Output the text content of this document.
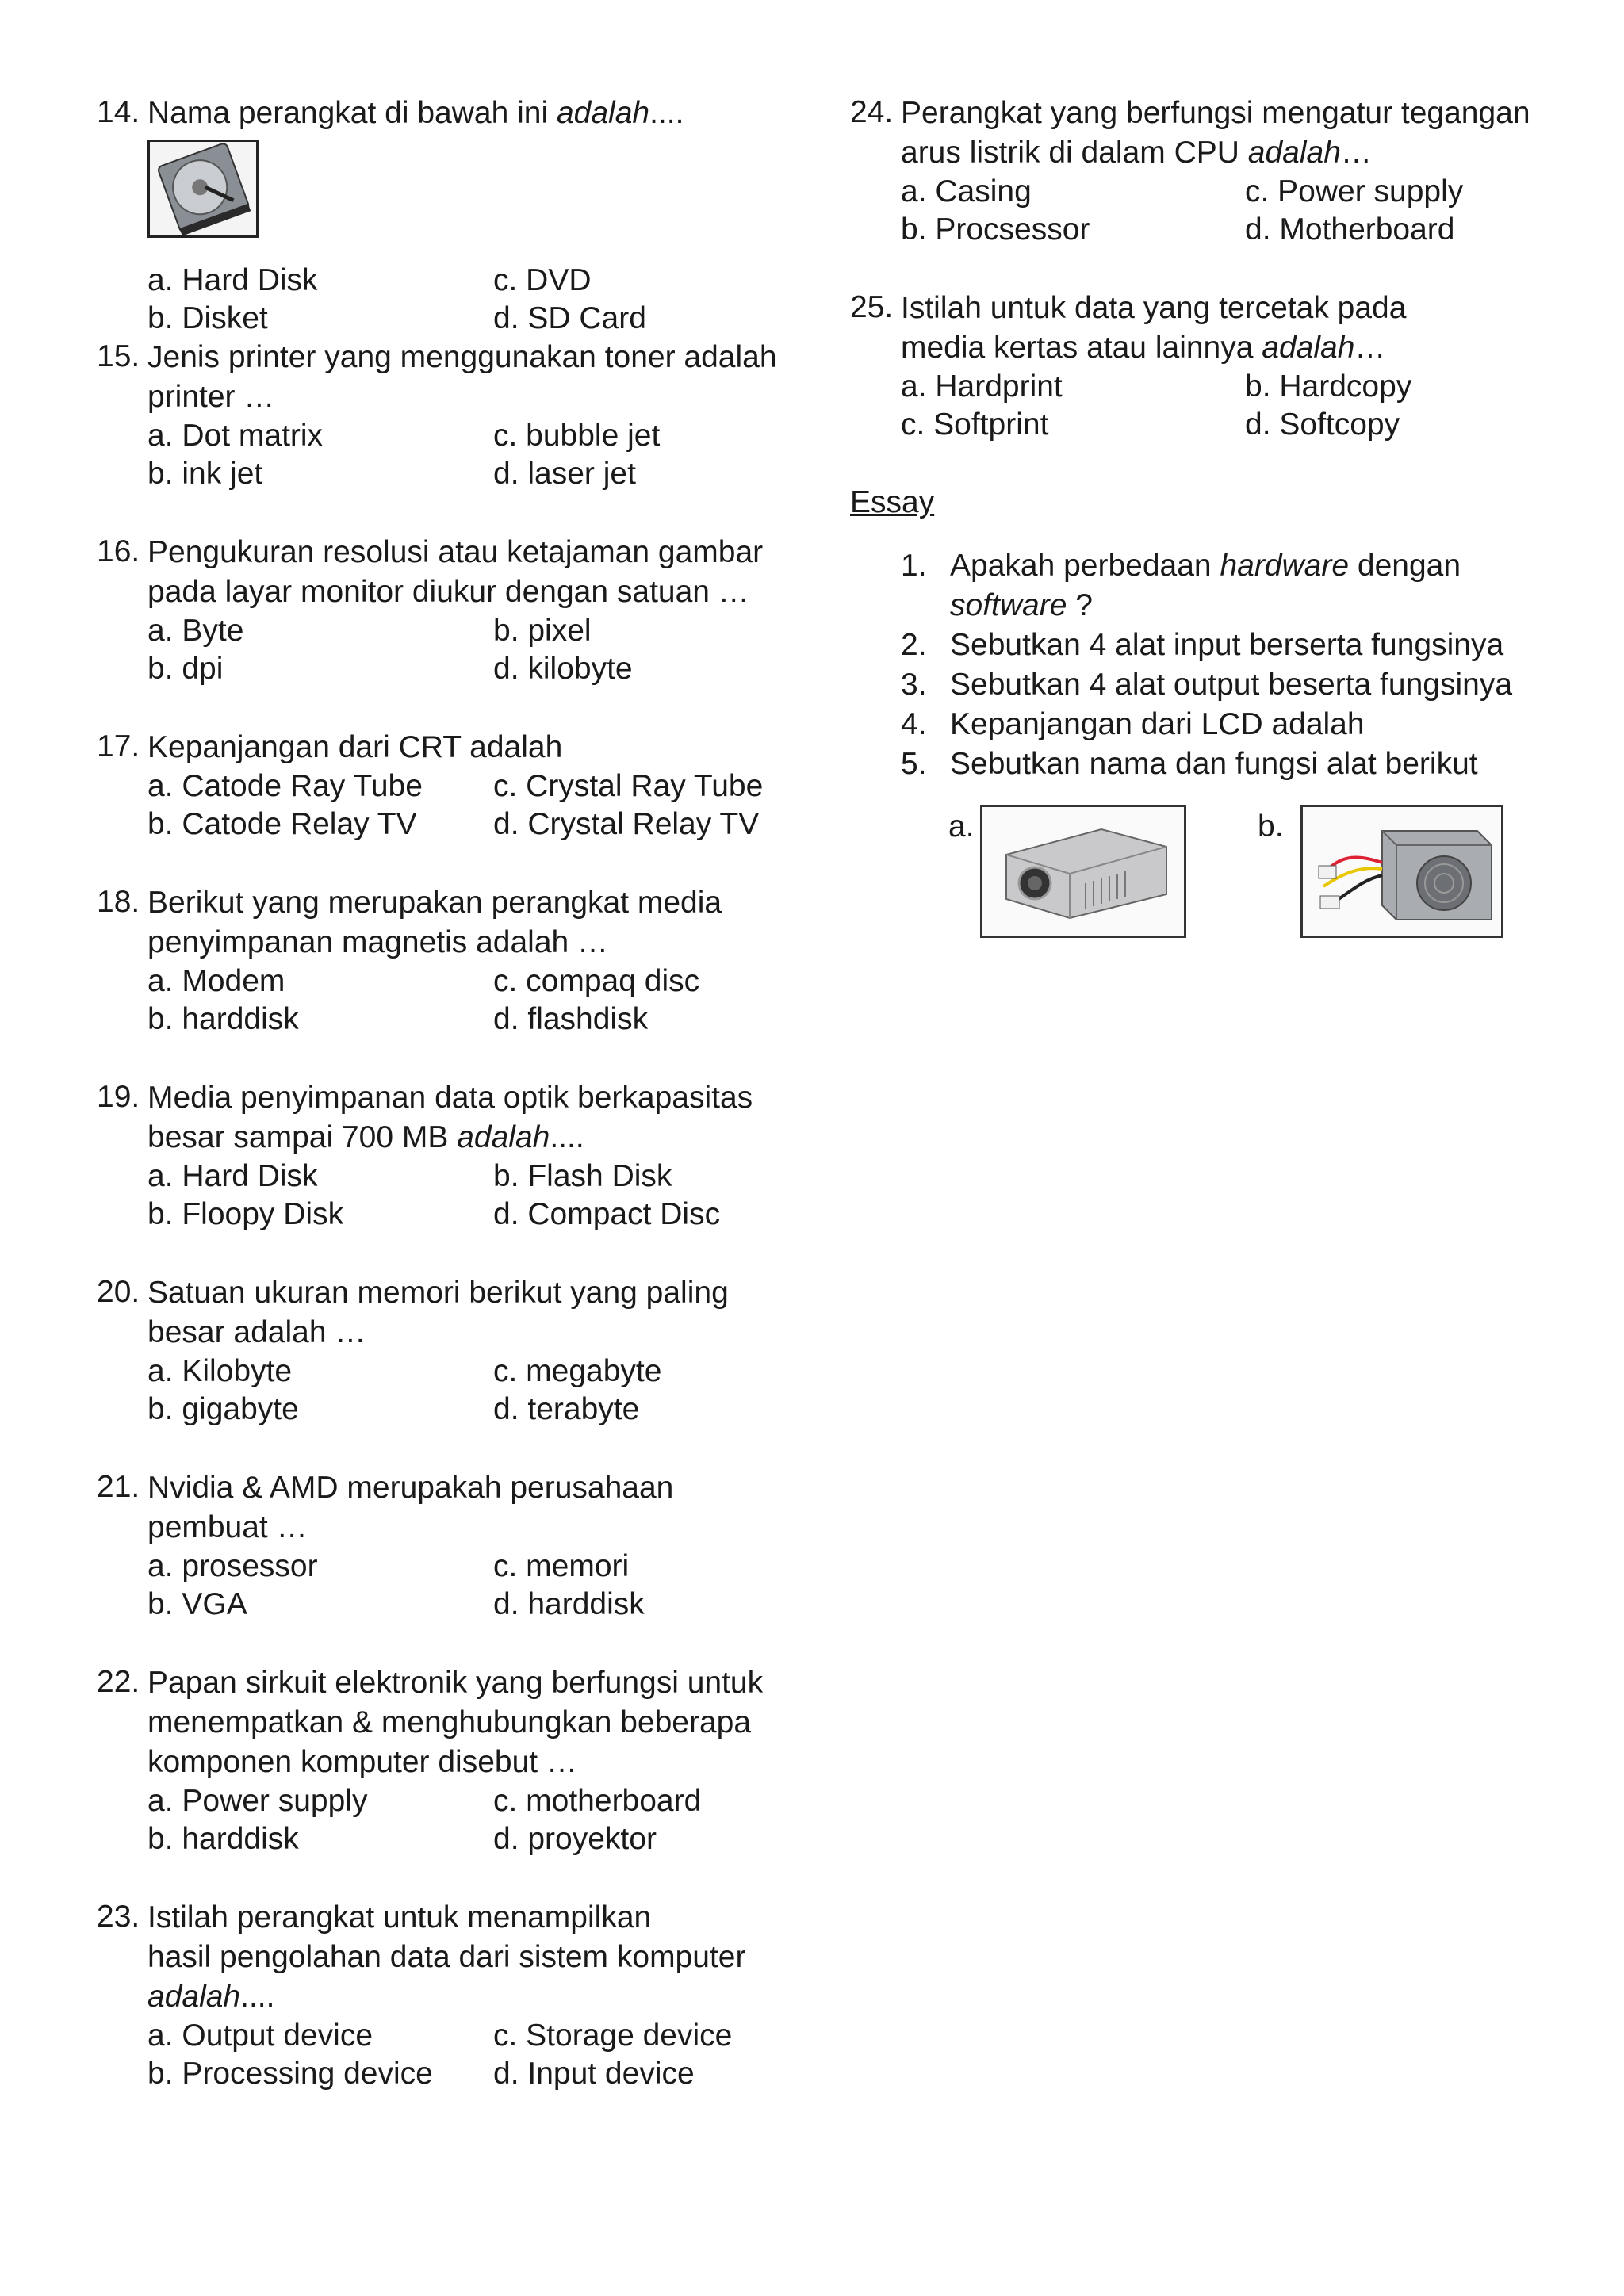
14. Nama perangkat di bawah ini adalah....
a. Hard Disk	c. DVD
b. Disket	d. SD Card
15. Jenis printer yang menggunakan toner adalah
printer …
a. Dot matrix	c. bubble jet
b. ink jet	d. laser jet
16. Pengukuran resolusi atau ketajaman gambar
pada layar monitor diukur dengan satuan …
a. Byte	b. pixel
b. dpi	d. kilobyte
17. Kepanjangan dari CRT adalah
a. Catode Ray Tube	c. Crystal Ray Tube
b. Catode Relay TV	d. Crystal Relay TV
18. Berikut yang merupakan perangkat media
penyimpanan magnetis adalah …
a. Modem	c. compaq disc
b. harddisk	d. flashdisk
19. Media penyimpanan data optik berkapasitas
besar sampai 700 MB adalah....
a. Hard Disk	b. Flash Disk
b. Floopy Disk	d. Compact Disc
20. Satuan ukuran memori berikut yang paling
besar adalah …
a. Kilobyte	c. megabyte
b. gigabyte	d. terabyte
21. Nvidia & AMD merupakah perusahaan
pembuat …
a. prosessor	c. memori
b. VGA	d. harddisk
22. Papan sirkuit elektronik yang berfungsi untuk
menempatkan & menghubungkan beberapa
komponen komputer disebut …
a. Power supply	c. motherboard
b. harddisk	d. proyektor
23. Istilah perangkat untuk menampilkan
hasil pengolahan data dari sistem komputer
adalah....
a. Output device	c. Storage device
b. Processing device	d. Input device
24. Perangkat yang berfungsi mengatur tegangan
arus listrik di dalam CPU adalah…
a. Casing	c. Power supply
b. Procsessor	d. Motherboard
25. Istilah untuk data yang tercetak pada
media kertas atau lainnya adalah…
a. Hardprint	b. Hardcopy
c. Softprint	d. Softcopy
Essay
1. Apakah perbedaan hardware dengan
software ?
2. Sebutkan 4 alat input berserta fungsinya
3. Sebutkan 4 alat output beserta fungsinya
4. Kepanjangan dari LCD adalah
5. Sebutkan nama dan fungsi alat berikut
a.	b.
